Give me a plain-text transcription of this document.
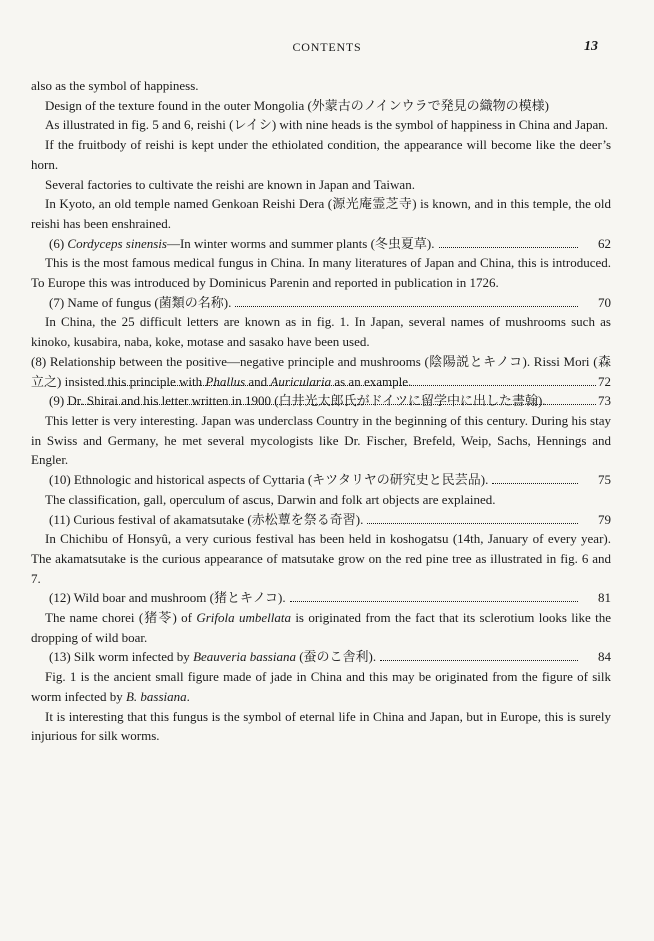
CONTENTS	13

also as the symbol of happiness.

Design of the texture found in the outer Mongolia (外蒙古のノインウラで発見の織物の模様)

As illustrated in fig. 5 and 6, reishi (レイシ) with nine heads is the symbol of happiness in China and Japan.

If the fruitbody of reishi is kept under the ethiolated condition, the appearance will become like the deer’s horn.

Several factories to cultivate the reishi are known in Japan and Taiwan.

In Kyoto, an old temple named Genkoan Reishi Dera (源光庵霊芝寺) is known, and in this temple, the old reishi has been enshrained.

(6) Cordyceps sinensis—In winter worms and summer plants (冬虫夏草).	62

This is the most famous medical fungus in China. In many literatures of Japan and China, this is introduced. To Europe this was introduced by Dominicus Parenin and reported in publication in 1726.

(7) Name of fungus (菌類の名称).	70

In China, the 25 difficult letters are known as in fig. 1. In Japan, several names of mushrooms such as kinoko, kusabira, naba, koke, motase and sasako have been used.

(8) Relationship between the positive—negative principle and mushrooms (陰陽説とキノコ). Rissi Mori (森立之) insisted this principle with Phallus and Auricularia as an example.	72
(9) Dr. Shirai and his letter written in 1900 (白井光太郎氏がドイツに留学中に出した書翰).	73

This letter is very interesting. Japan was underclass Country in the beginning of this century. During his stay in Swiss and Germany, he met several mycologists like Dr. Fischer, Brefeld, Weip, Sachs, Hennings and Engler.

(10) Ethnologic and historical aspects of Cyttaria (キツタリヤの研究史と民芸品).	75

The classification, gall, operculum of ascus, Darwin and folk art objects are explained.

(11) Curious festival of akamatsutake (赤松蕈を祭る奇習).	79

In Chichibu of Honsyû, a very curious festival has been held in koshogatsu (14th, January of every year). The akamatsutake is the curious appearance of matsutake grow on the red pine tree as illustrated in fig. 6 and 7.

(12) Wild boar and mushroom (猪とキノコ).	81

The name chorei (猪苓) of Grifola umbellata is originated from the fact that its sclerotium looks like the dropping of wild boar.

(13) Silk worm infected by Beauveria bassiana (蚕のこ舎利).	84

Fig. 1 is the ancient small figure made of jade in China and this may be originated from the figure of silk worm infected by B. bassiana.

It is interesting that this fungus is the symbol of eternal life in China and Japan, but in Europe, this is surely injurious for silk worms.
